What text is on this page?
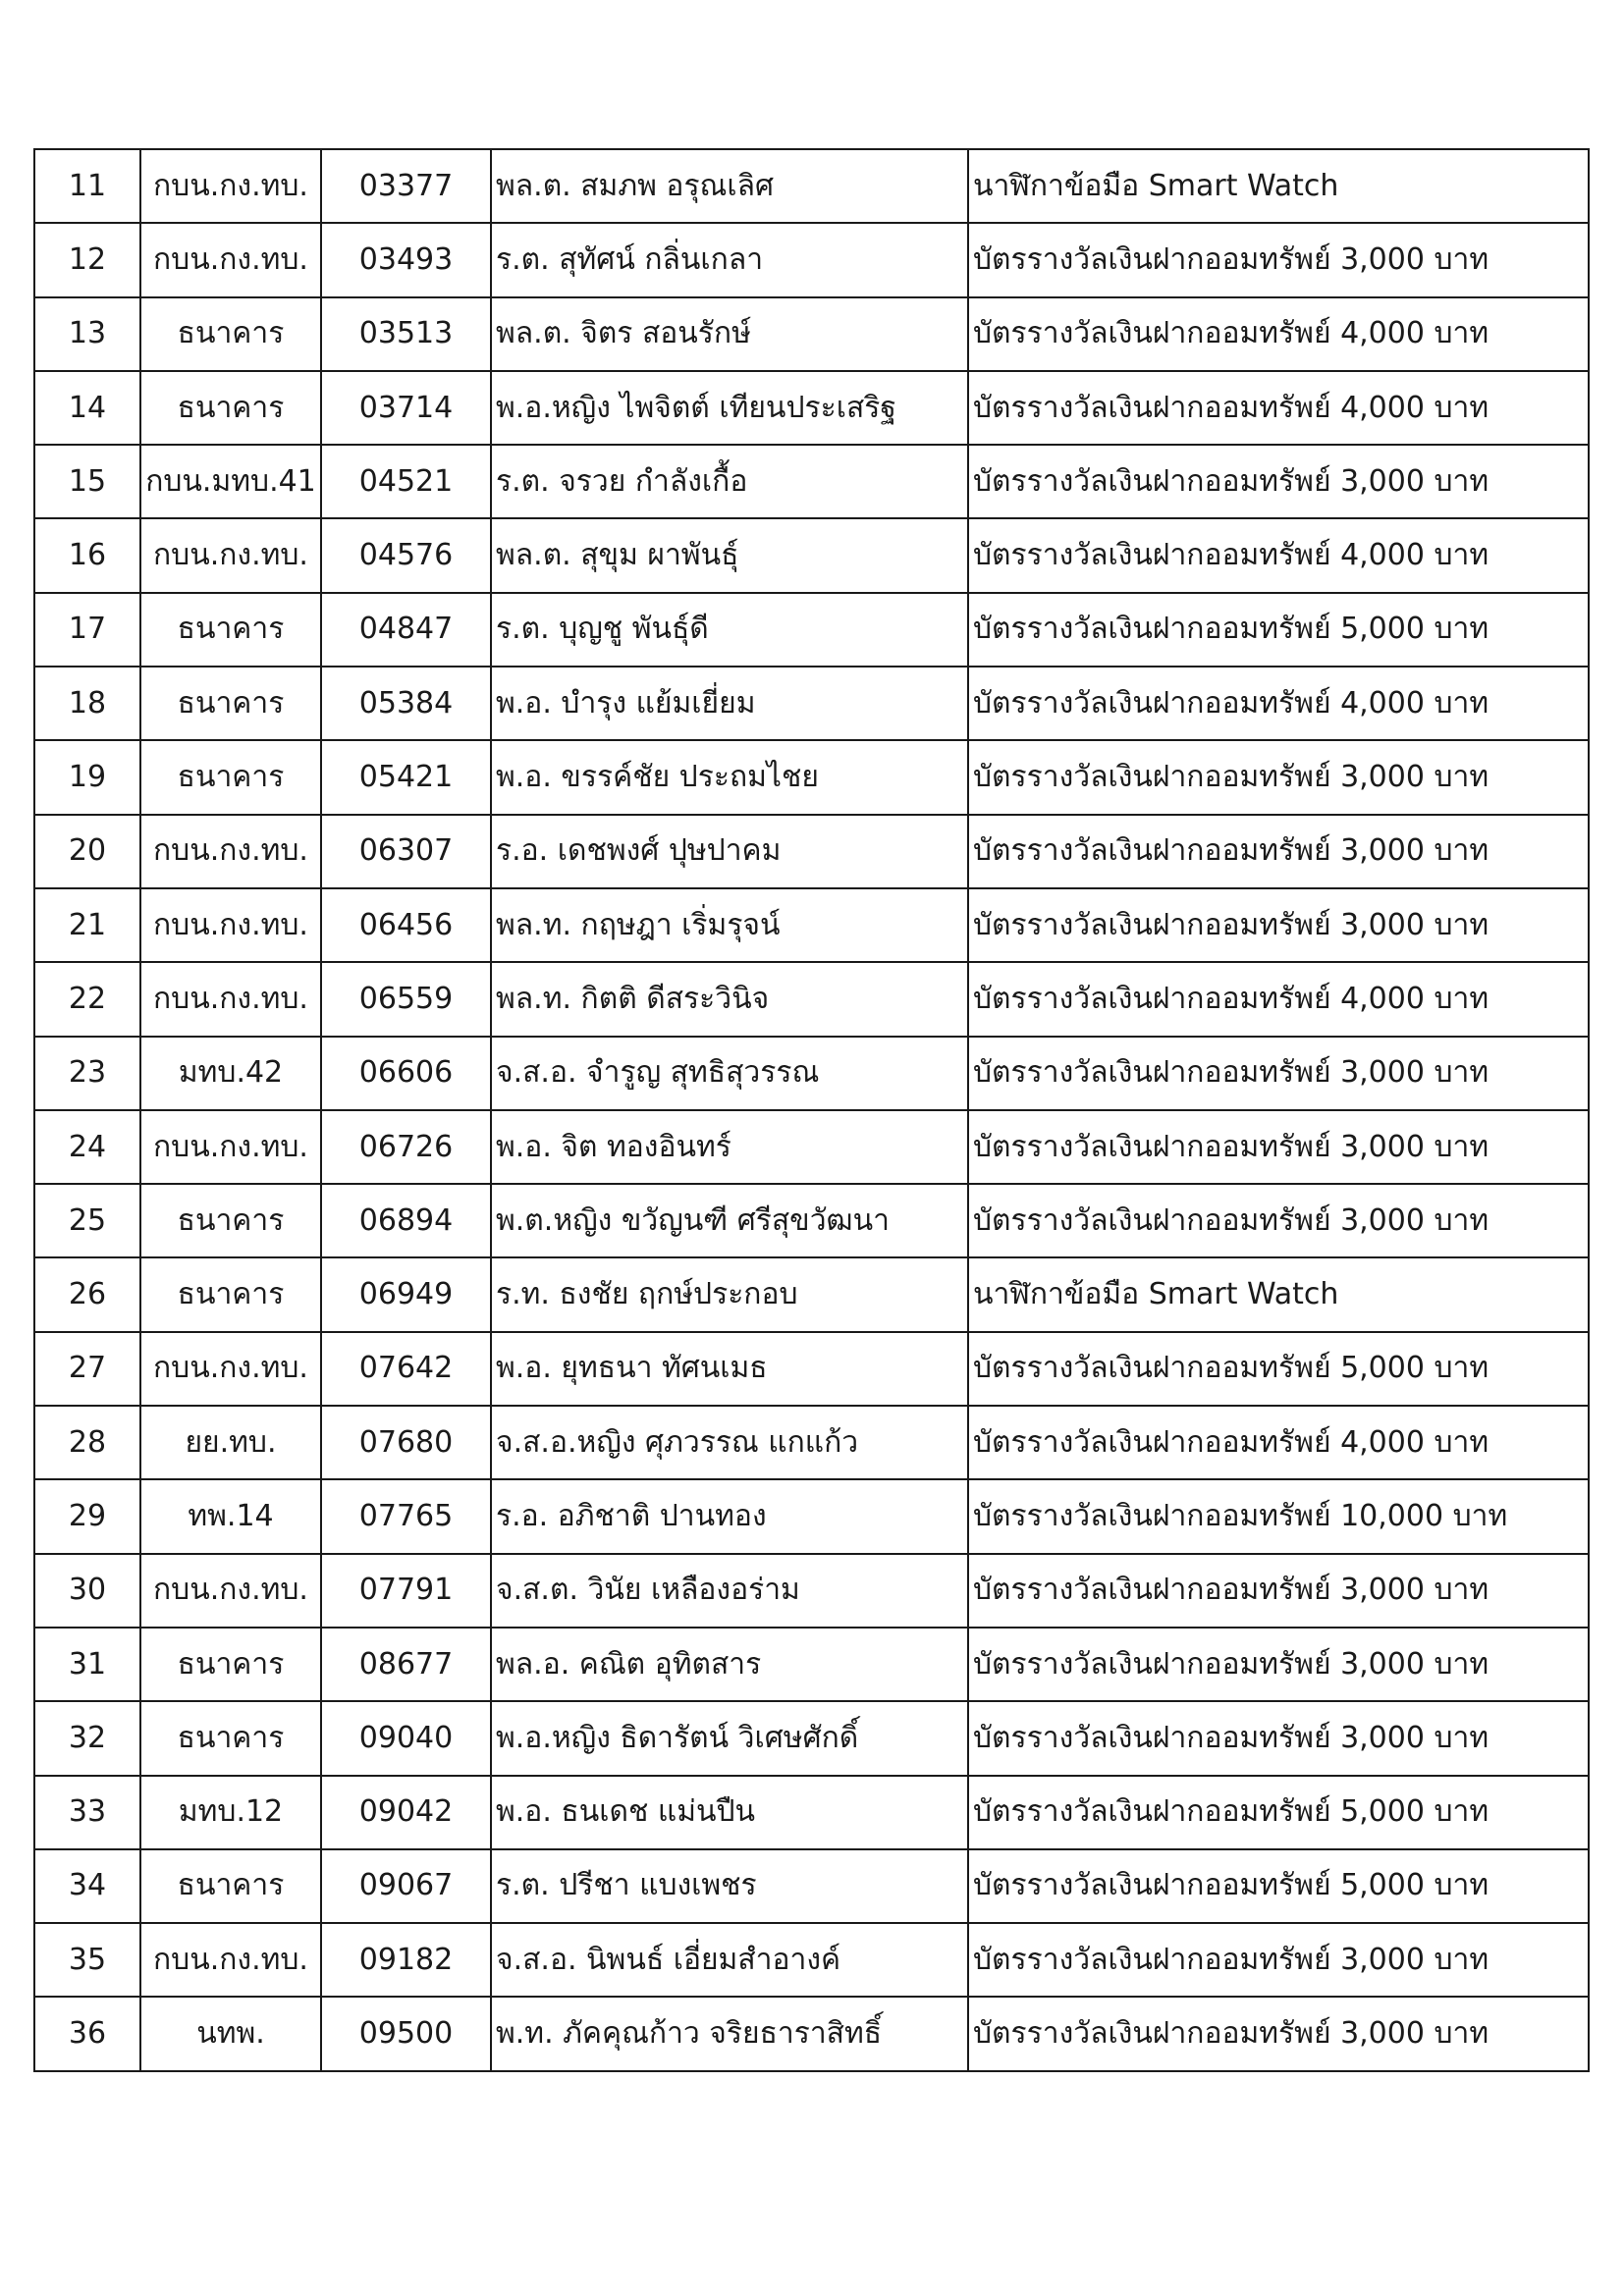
11	กบน.กง.ทบ.	03377	พล.ต. สมภพ อรุณเลิศ	นาฬิกาข้อมือ Smart Watch
12	กบน.กง.ทบ.	03493	ร.ต. สุทัศน์ กลิ่นเกลา	บัตรรางวัลเงินฝากออมทรัพย์ 3,000 บาท
13	ธนาคาร	03513	พล.ต. จิตร สอนรักษ์	บัตรรางวัลเงินฝากออมทรัพย์ 4,000 บาท
14	ธนาคาร	03714	พ.อ.หญิง ไพจิตต์ เทียนประเสริฐ	บัตรรางวัลเงินฝากออมทรัพย์ 4,000 บาท
15	กบน.มทบ.41	04521	ร.ต. จรวย กำลังเกื้อ	บัตรรางวัลเงินฝากออมทรัพย์ 3,000 บาท
16	กบน.กง.ทบ.	04576	พล.ต. สุขุม ผาพันธุ์	บัตรรางวัลเงินฝากออมทรัพย์ 4,000 บาท
17	ธนาคาร	04847	ร.ต. บุญชู พันธุ์ดี	บัตรรางวัลเงินฝากออมทรัพย์ 5,000 บาท
18	ธนาคาร	05384	พ.อ. บำรุง แย้มเยี่ยม	บัตรรางวัลเงินฝากออมทรัพย์ 4,000 บาท
19	ธนาคาร	05421	พ.อ. ขรรค์ชัย ประถมไชย	บัตรรางวัลเงินฝากออมทรัพย์ 3,000 บาท
20	กบน.กง.ทบ.	06307	ร.อ. เดชพงศ์ ปุษปาคม	บัตรรางวัลเงินฝากออมทรัพย์ 3,000 บาท
21	กบน.กง.ทบ.	06456	พล.ท. กฤษฎา เริ่มรุจน์	บัตรรางวัลเงินฝากออมทรัพย์ 3,000 บาท
22	กบน.กง.ทบ.	06559	พล.ท. กิตติ ดีสระวินิจ	บัตรรางวัลเงินฝากออมทรัพย์ 4,000 บาท
23	มทบ.42	06606	จ.ส.อ. จำรูญ สุทธิสุวรรณ	บัตรรางวัลเงินฝากออมทรัพย์ 3,000 บาท
24	กบน.กง.ทบ.	06726	พ.อ. จิต ทองอินทร์	บัตรรางวัลเงินฝากออมทรัพย์ 3,000 บาท
25	ธนาคาร	06894	พ.ต.หญิง ขวัญนฑี ศรีสุขวัฒนา	บัตรรางวัลเงินฝากออมทรัพย์ 3,000 บาท
26	ธนาคาร	06949	ร.ท. ธงชัย ฤกษ์ประกอบ	นาฬิกาข้อมือ Smart Watch
27	กบน.กง.ทบ.	07642	พ.อ. ยุทธนา ทัศนเมธ	บัตรรางวัลเงินฝากออมทรัพย์ 5,000 บาท
28	ยย.ทบ.	07680	จ.ส.อ.หญิง ศุภวรรณ แกแก้ว	บัตรรางวัลเงินฝากออมทรัพย์ 4,000 บาท
29	ทพ.14	07765	ร.อ. อภิชาติ ปานทอง	บัตรรางวัลเงินฝากออมทรัพย์ 10,000 บาท
30	กบน.กง.ทบ.	07791	จ.ส.ต. วินัย เหลืองอร่าม	บัตรรางวัลเงินฝากออมทรัพย์ 3,000 บาท
31	ธนาคาร	08677	พล.อ. คณิต อุทิตสาร	บัตรรางวัลเงินฝากออมทรัพย์ 3,000 บาท
32	ธนาคาร	09040	พ.อ.หญิง ธิดารัตน์ วิเศษศักดิ์	บัตรรางวัลเงินฝากออมทรัพย์ 3,000 บาท
33	มทบ.12	09042	พ.อ. ธนเดช แม่นปืน	บัตรรางวัลเงินฝากออมทรัพย์ 5,000 บาท
34	ธนาคาร	09067	ร.ต. ปรีชา แบงเพชร	บัตรรางวัลเงินฝากออมทรัพย์ 5,000 บาท
35	กบน.กง.ทบ.	09182	จ.ส.อ. นิพนธ์ เอี่ยมสำอางค์	บัตรรางวัลเงินฝากออมทรัพย์ 3,000 บาท
36	นทพ.	09500	พ.ท. ภัคคุณก้าว จริยธาราสิทธิ์	บัตรรางวัลเงินฝากออมทรัพย์ 3,000 บาท
